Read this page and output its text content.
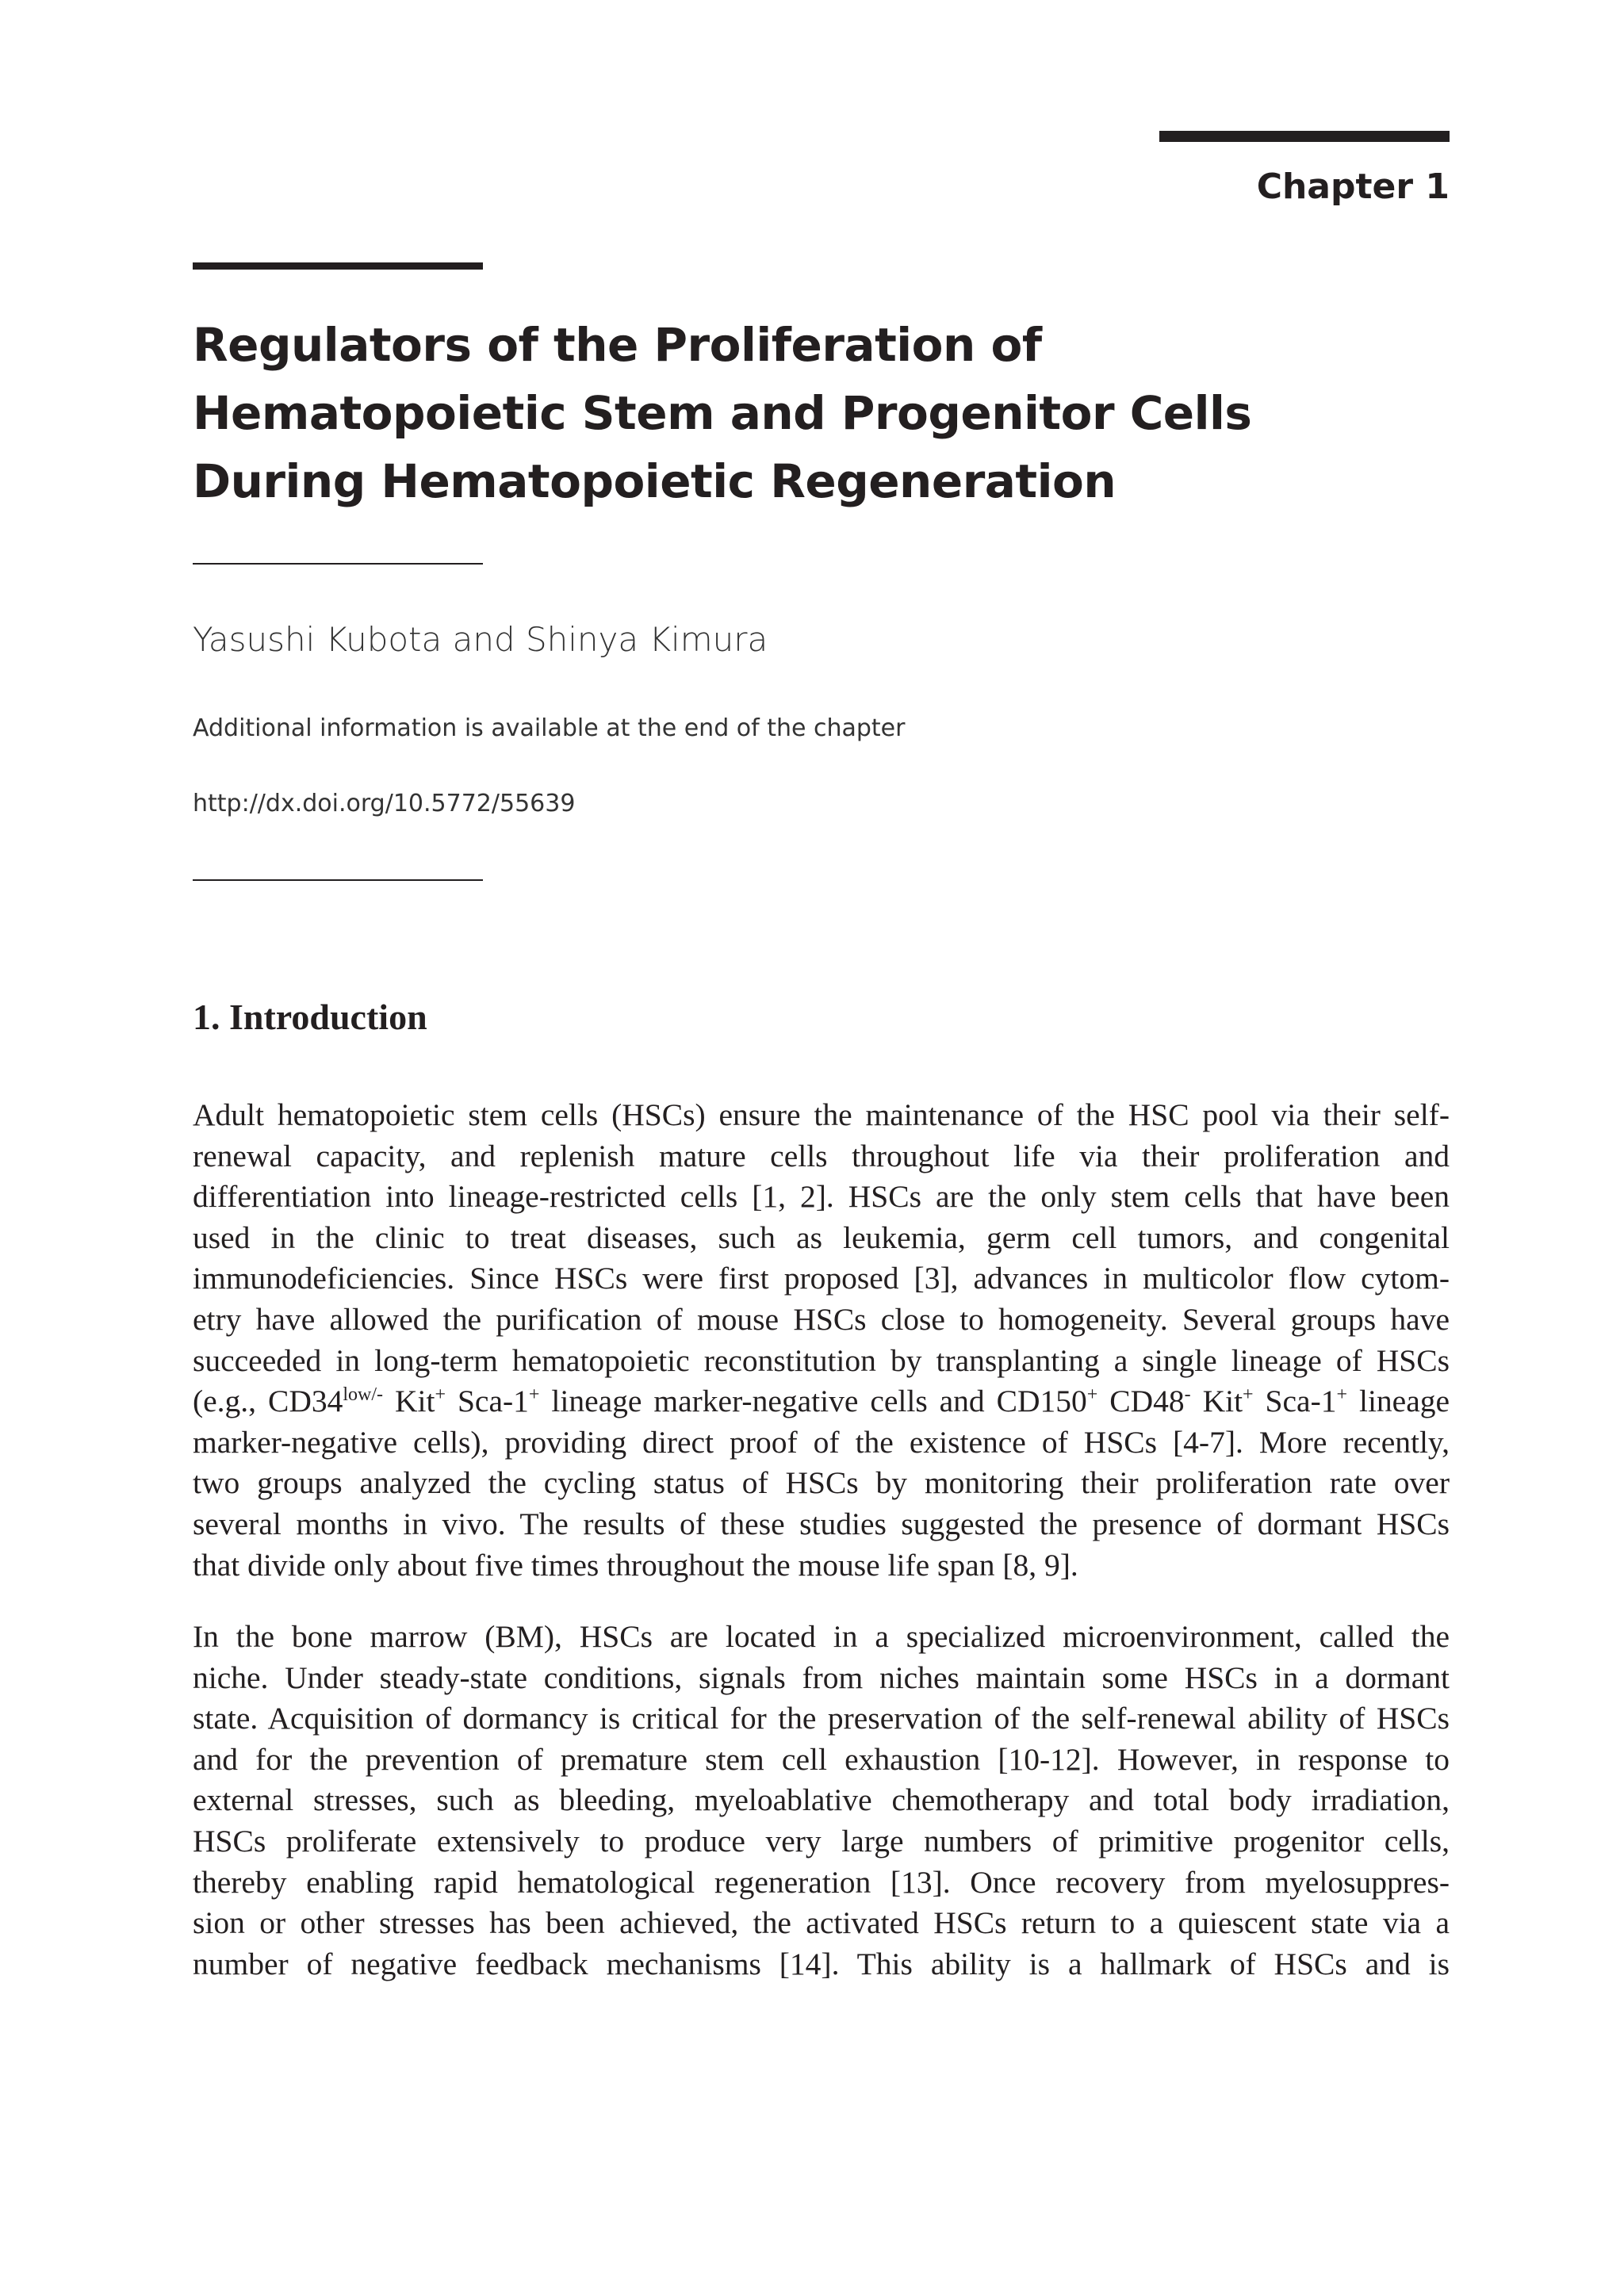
Chapter 1
Regulators of the Proliferation of
Hematopoietic Stem and Progenitor Cells
During Hematopoietic Regeneration
Yasushi Kubota and Shinya Kimura
Additional information is available at the end of the chapter
http://dx.doi.org/10.5772/55639
1. Introduction
Adult hematopoietic stem cells (HSCs) ensure the maintenance of the HSC pool via their self-
renewal capacity, and replenish mature cells throughout life via their proliferation and
differentiation into lineage-restricted cells [1, 2]. HSCs are the only stem cells that have been
used in the clinic to treat diseases, such as leukemia, germ cell tumors, and congenital
immunodeficiencies. Since HSCs were first proposed [3], advances in multicolor flow cytom-
etry have allowed the purification of mouse HSCs close to homogeneity. Several groups have
succeeded in long-term hematopoietic reconstitution by transplanting a single lineage of HSCs
(e.g., $CD34^{low/-}$ Kit+ Sca-1+ lineage marker-negative cells and CD150+ CD48- Kit+ Sca-1+ lineage
marker-negative cells), providing direct proof of the existence of HSCs [4-7]. More recently,
two groups analyzed the cycling status of HSCs by monitoring their proliferation rate over
several months in vivo. The results of these studies suggested the presence of dormant HSCs
that divide only about five times throughout the mouse life span [8, 9].
In the bone marrow (BM), HSCs are located in a specialized microenvironment, called the
niche. Under steady-state conditions, signals from niches maintain some HSCs in a dormant
state. Acquisition of dormancy is critical for the preservation of the self-renewal ability of HSCs
and for the prevention of premature stem cell exhaustion [10-12]. However, in response to
external stresses, such as bleeding, myeloablative chemotherapy and total body irradiation,
HSCs proliferate extensively to produce very large numbers of primitive progenitor cells,
thereby enabling rapid hematological regeneration [13]. Once recovery from myelosuppres-
sion or other stresses has been achieved, the activated HSCs return to a quiescent state via a
number of negative feedback mechanisms [14]. This ability is a hallmark of HSCs and is
